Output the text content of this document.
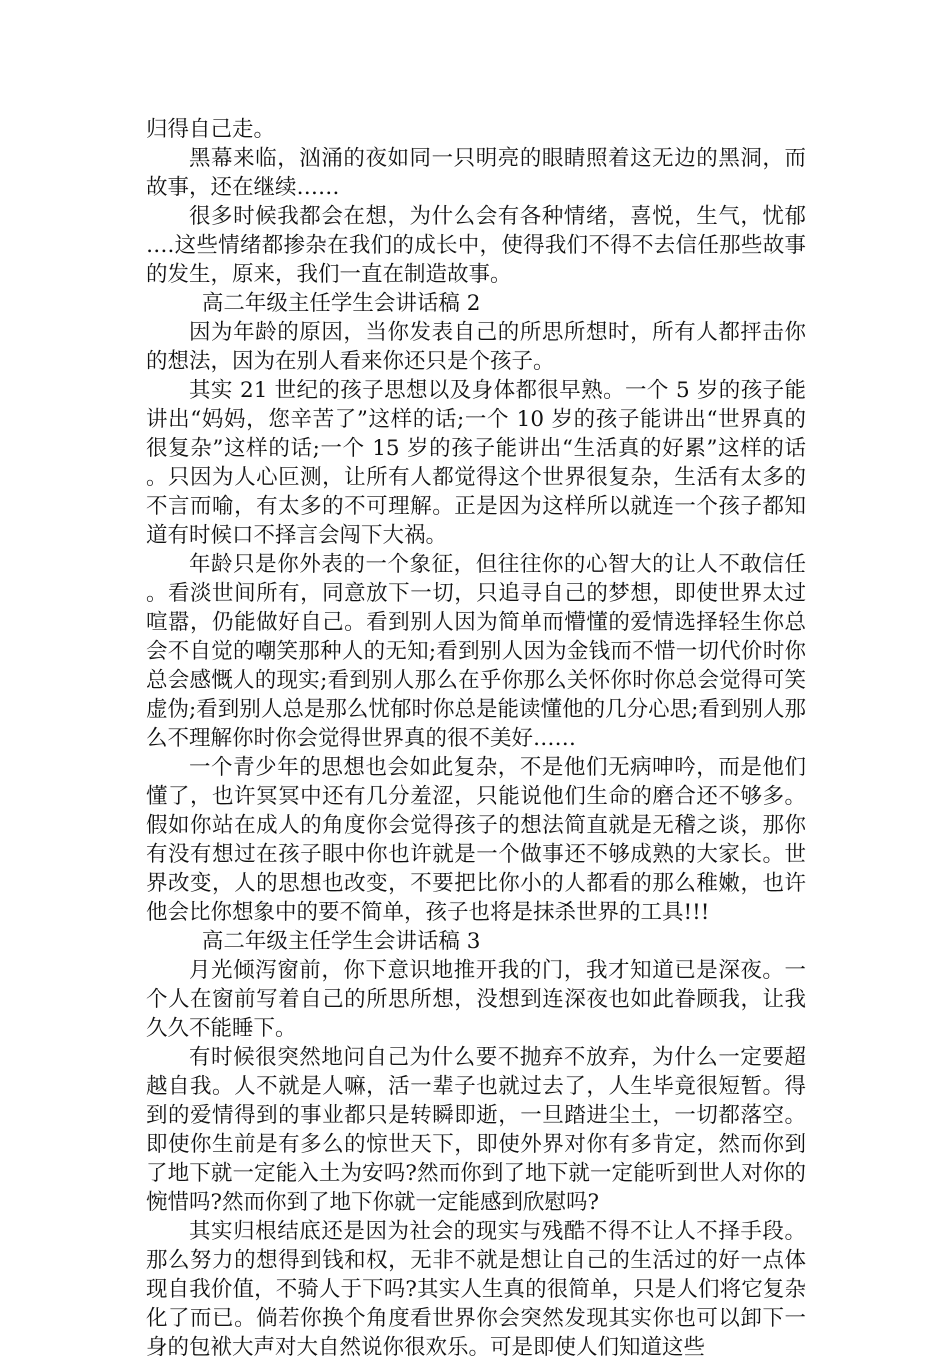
归得自己走。

黑幕来临，汹涌的夜如同一只明亮的眼睛照着这无边的黑洞，而故事，还在继续……

很多时候我都会在想，为什么会有各种情绪，喜悦，生气，忧郁….这些情绪都掺杂在我们的成长中，使得我们不得不去信任那些故事的发生，原来，我们一直在制造故事。

高二年级主任学生会讲话稿 2

因为年龄的原因，当你发表自己的所思所想时，所有人都抨击你的想法，因为在别人看来你还只是个孩子。

其实 21 世纪的孩子思想以及身体都很早熟。一个 5 岁的孩子能讲出“妈妈，您辛苦了”这样的话;一个 10 岁的孩子能讲出“世界真的很复杂”这样的话;一个 15 岁的孩子能讲出“生活真的好累”这样的话。只因为人心叵测，让所有人都觉得这个世界很复杂，生活有太多的不言而喻，有太多的不可理解。正是因为这样所以就连一个孩子都知道有时候口不择言会闯下大祸。

年龄只是你外表的一个象征，但往往你的心智大的让人不敢信任。看淡世间所有，同意放下一切，只追寻自己的梦想，即使世界太过喧嚣，仍能做好自己。看到别人因为简单而懵懂的爱情选择轻生你总会不自觉的嘲笑那种人的无知;看到别人因为金钱而不惜一切代价时你总会感慨人的现实;看到别人那么在乎你那么关怀你时你总会觉得可笑虚伪;看到别人总是那么忧郁时你总是能读懂他的几分心思;看到别人那么不理解你时你会觉得世界真的很不美好……

一个青少年的思想也会如此复杂，不是他们无病呻吟，而是他们懂了，也许冥冥中还有几分羞涩，只能说他们生命的磨合还不够多。假如你站在成人的角度你会觉得孩子的想法简直就是无稽之谈，那你有没有想过在孩子眼中你也许就是一个做事还不够成熟的大家长。世界改变，人的思想也改变，不要把比你小的人都看的那么稚嫩，也许他会比你想象中的要不简单，孩子也将是抹杀世界的工具!!!

高二年级主任学生会讲话稿 3

月光倾泻窗前，你下意识地推开我的门，我才知道已是深夜。一个人在窗前写着自己的所思所想，没想到连深夜也如此眷顾我，让我久久不能睡下。

有时候很突然地问自己为什么要不抛弃不放弃，为什么一定要超越自我。人不就是人嘛，活一辈子也就过去了，人生毕竟很短暂。得到的爱情得到的事业都只是转瞬即逝，一旦踏进尘土，一切都落空。即使你生前是有多么的惊世天下，即使外界对你有多肯定，然而你到了地下就一定能入土为安吗?然而你到了地下就一定能听到世人对你的惋惜吗?然而你到了地下你就一定能感到欣慰吗?

其实归根结底还是因为社会的现实与残酷不得不让人不择手段。那么努力的想得到钱和权，无非不就是想让自己的生活过的好一点体现自我价值，不骑人于下吗?其实人生真的很简单，只是人们将它复杂化了而已。倘若你换个角度看世界你会突然发现其实你也可以卸下一身的包袱大声对大自然说你很欢乐。可是即使人们知道这些
